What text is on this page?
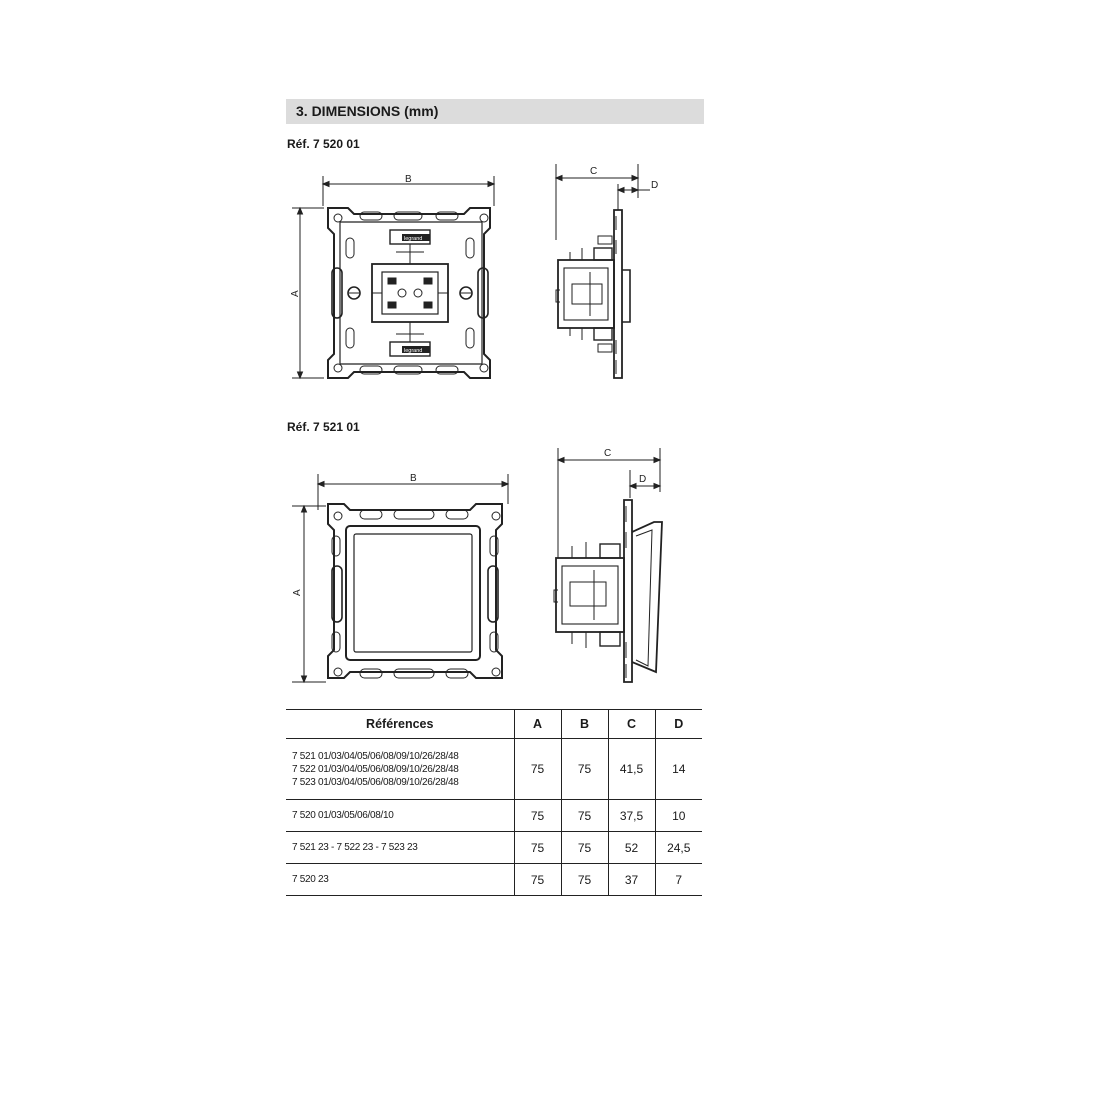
3. DIMENSIONS (mm)
Réf. 7 520 01
legrand
legrand
B
A
C
D
Réf. 7 521 01
B
A
C
D
Références	A	B	C	D

7 521 01/03/04/05/06/08/09/10/26/28/48
7 522 01/03/04/05/06/08/09/10/26/28/48
7 523 01/03/04/05/06/08/09/10/26/28/48	75	75	41,5	14

7 520 01/03/05/06/08/10	75	75	37,5	10

7 521 23 - 7 522 23 - 7 523 23	75	75	52	24,5

7 520 23	75	75	37	7
